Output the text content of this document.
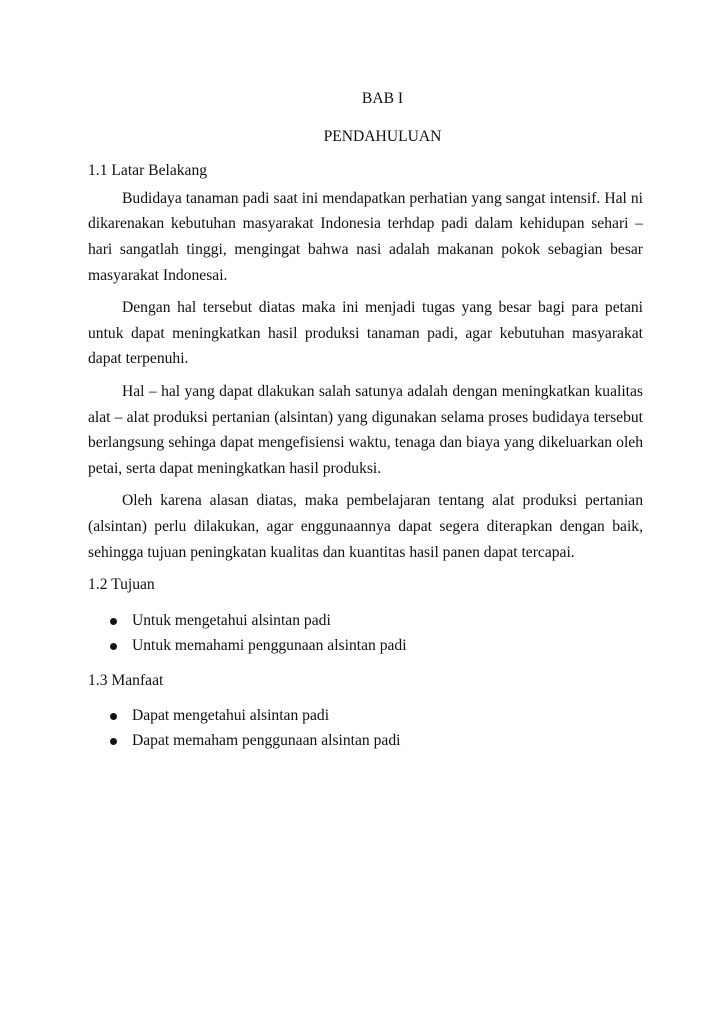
BAB I
PENDAHULUAN
1.1 Latar Belakang

Budidaya tanaman padi saat ini mendapatkan perhatian yang sangat intensif. Hal ni dikarenakan kebutuhan masyarakat Indonesia terhdap padi dalam kehidupan sehari – hari sangatlah tinggi, mengingat bahwa nasi adalah makanan pokok sebagian besar masyarakat Indonesai.

Dengan hal tersebut diatas maka ini menjadi tugas yang besar bagi para petani untuk dapat meningkatkan hasil produksi tanaman padi, agar kebutuhan masyarakat dapat terpenuhi.

Hal – hal yang dapat dlakukan salah satunya adalah dengan meningkatkan kualitas alat – alat produksi pertanian (alsintan) yang digunakan selama proses budidaya tersebut berlangsung sehinga dapat mengefisiensi waktu, tenaga dan biaya yang dikeluarkan oleh petai, serta dapat meningkatkan hasil produksi.

Oleh karena alasan diatas, maka pembelajaran tentang alat produksi pertanian (alsintan) perlu dilakukan, agar enggunaannya dapat segera diterapkan dengan baik, sehingga tujuan peningkatan kualitas dan kuantitas hasil panen dapat tercapai.

1.2 Tujuan
Untuk mengetahui alsintan padi
Untuk memahami penggunaan alsintan padi
1.3 Manfaat
Dapat mengetahui alsintan padi
Dapat memaham penggunaan alsintan padi
